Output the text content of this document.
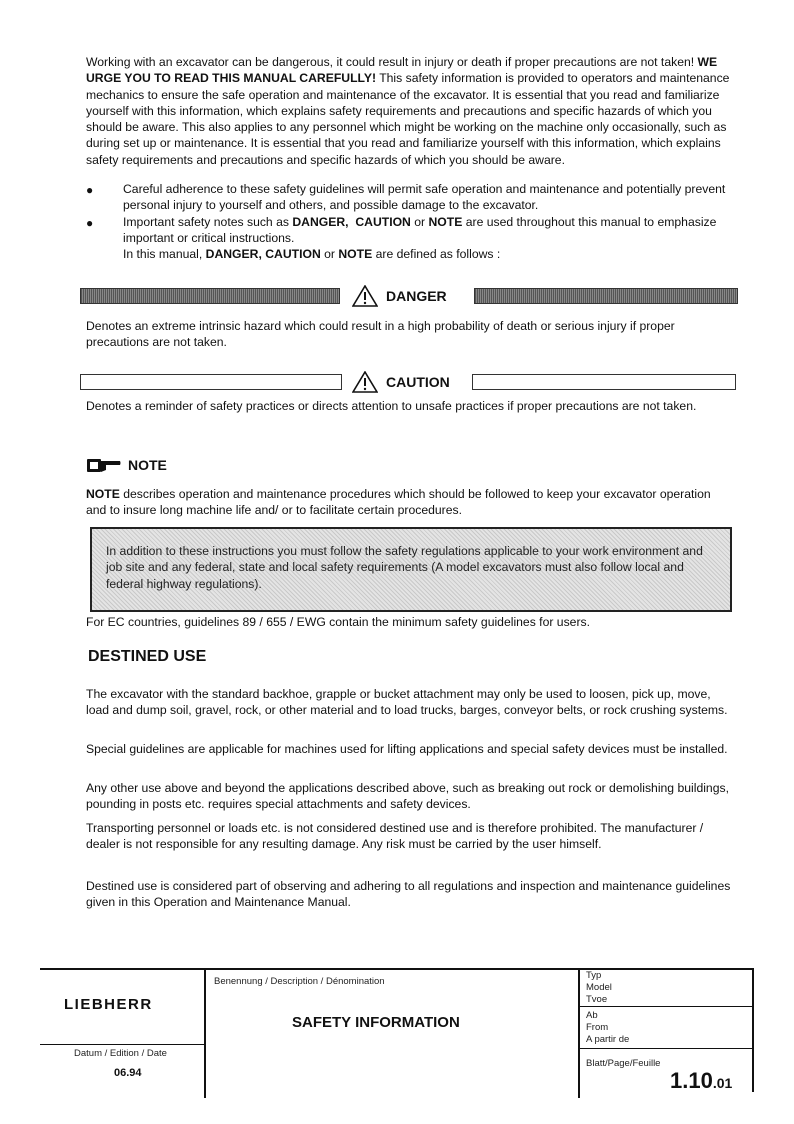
Working with an excavator can be dangerous, it could result in injury or death if proper precautions are not taken! WE URGE YOU TO READ THIS MANUAL CAREFULLY! This safety information is provided to operators and maintenance mechanics to ensure the safe operation and maintenance of the excavator. It is essential that you read and familiarize yourself with this information, which explains safety requirements and precautions and specific hazards of which you should be aware. This also applies to any personnel which might be working on the machine only occasionally, such as during set up or maintenance. It is essential that you read and familiarize yourself with this information, which explains safety requirements and precautions and specific hazards of which you should be aware.

● Careful adherence to these safety guidelines will permit safe operation and maintenance and potentially prevent personal injury to yourself and others, and possible damage to the excavator.
● Important safety notes such as DANGER, CAUTION or NOTE are used throughout this manual to emphasize important or critical instructions.
In this manual, DANGER, CAUTION or NOTE are defined as follows :
DANGER

Denotes an extreme intrinsic hazard which could result in a high probability of death or serious injury if proper precautions are not taken.

CAUTION

Denotes a reminder of safety practices or directs attention to unsafe practices if proper precautions are not taken.

NOTE

NOTE describes operation and maintenance procedures which should be followed to keep your excavator operation and to insure long machine life and/ or to facilitate certain procedures.

In addition to these instructions you must follow the safety regulations applicable to your work environment and job site and any federal, state and local safety requirements (A model excavators must also follow local and federal highway regulations).

For EC countries, guidelines 89 / 655 / EWG contain the minimum safety guidelines for users.

DESTINED USE

The excavator with the standard backhoe, grapple or bucket attachment may only be used to loosen, pick up, move, load and dump soil, gravel, rock, or other material and to load trucks, barges, conveyor belts, or rock crushing systems.

Special guidelines are applicable for machines used for lifting applications and special safety devices must be installed.

Any other use above and beyond the applications described above, such as breaking out rock or demolishing buildings, pounding in posts etc. requires special attachments and safety devices.

Transporting personnel or loads etc. is not considered destined use and is therefore prohibited. The manufacturer / dealer is not responsible for any resulting damage. Any risk must be carried by the user himself.

Destined use is considered part of observing and adhering to all regulations and inspection and maintenance guidelines given in this Operation and Maintenance Manual.

LIEBHERR
Datum / Edition / Date
06.94
Benennung / Description / Dénomination
SAFETY INFORMATION
Typ
Model
Tvoe
Ab
From
A partir de
Blatt/Page/Feuille
1.10.01
